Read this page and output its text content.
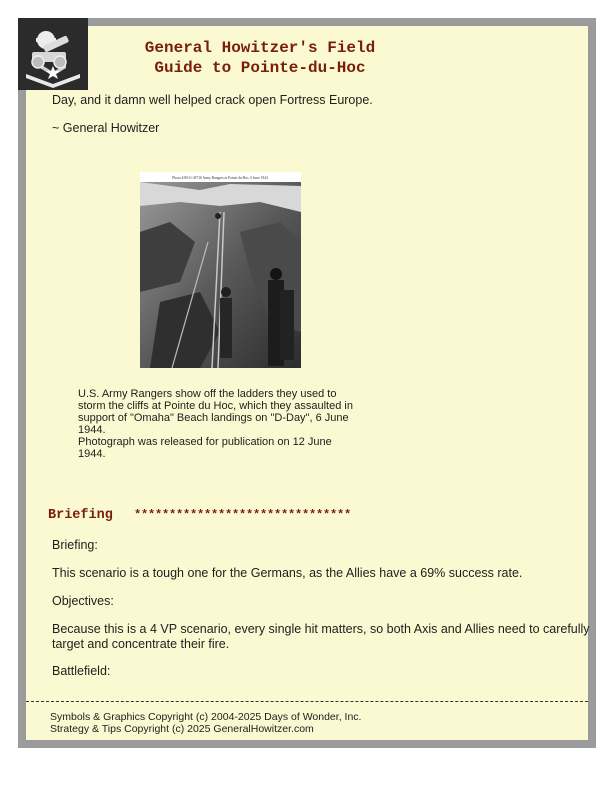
General Howitzer's Field
Guide to Pointe-du-Hoc
Day, and it damn well helped crack open Fortress Europe.
~ General Howitzer
Photo # 80-G-45716 Army Rangers at Pointe du Hoc, 6 June 1944
U.S. Army Rangers show off the ladders they used to
storm the cliffs at Pointe du Hoc, which they assaulted in
support of "Omaha" Beach landings on "D-Day", 6 June
1944.
Photograph was released for publication on 12 June
1944.
Briefing *******************************
Briefing:
This scenario is a tough one for the Germans, as the Allies have a 69% success rate.
Objectives:
Because this is a 4 VP scenario, every single hit matters, so both Axis and Allies need to carefully
target and concentrate their fire.
Battlefield:
Symbols & Graphics Copyright (c) 2004-2025 Days of Wonder, Inc.
Strategy & Tips Copyright (c) 2025 GeneralHowitzer.com
